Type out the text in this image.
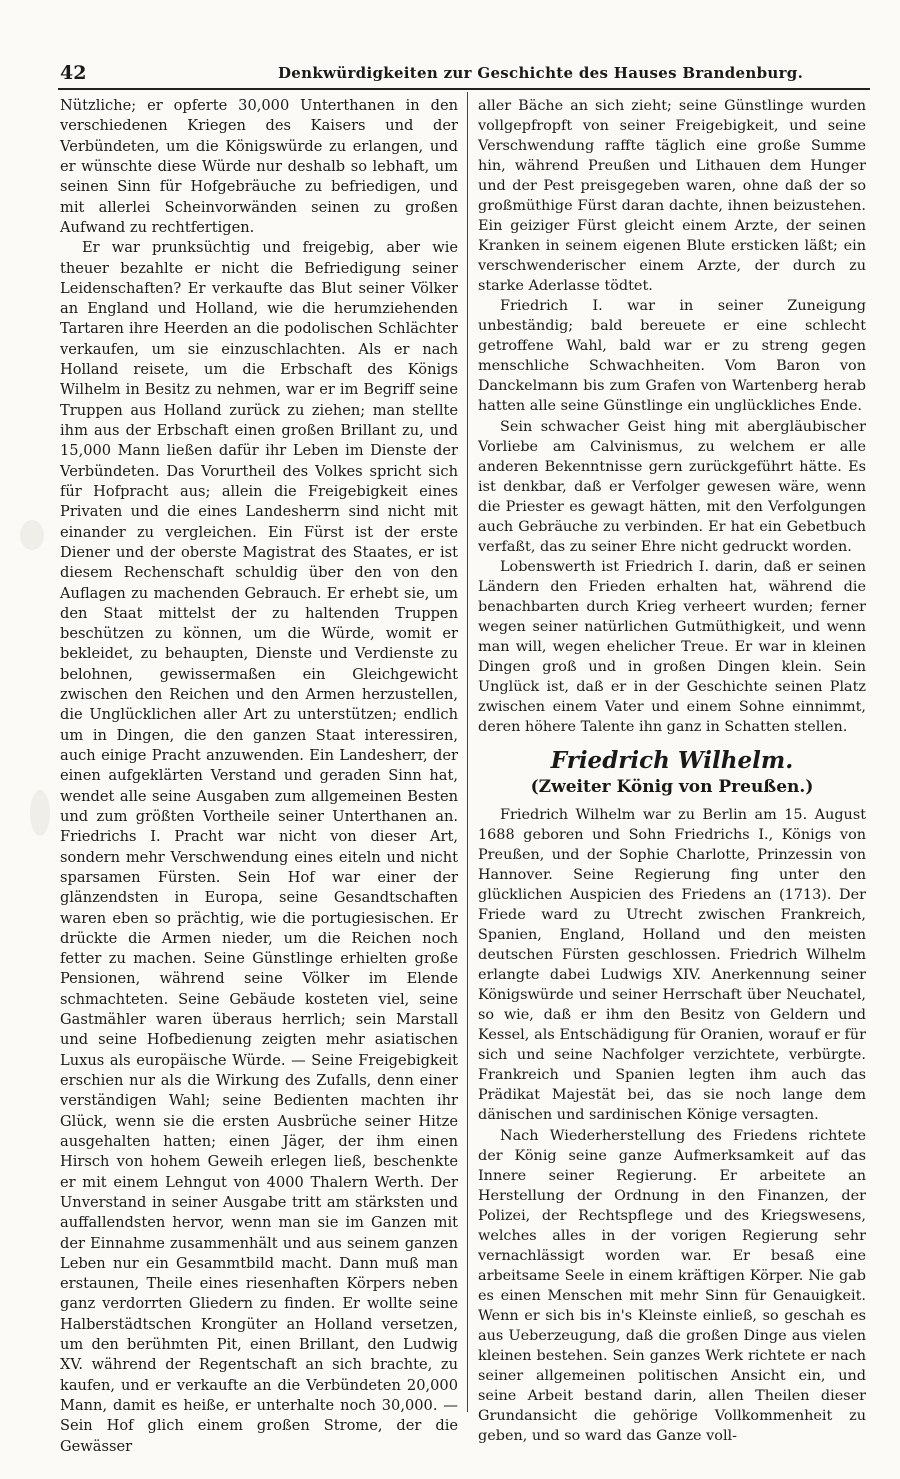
42	Denkwürdigkeiten zur Geschichte des Hauses Brandenburg.

Nützliche; er opferte 30,000 Unterthanen in den verschiedenen Kriegen des Kaisers und der Verbündeten, um die Königswürde zu erlangen, und er wünschte diese Würde nur deshalb so lebhaft, um seinen Sinn für Hofgebräuche zu befriedigen, und mit allerlei Scheinvorwänden seinen zu großen Aufwand zu rechtfertigen.

Er war prunksüchtig und freigebig, aber wie theuer bezahlte er nicht die Befriedigung seiner Leidenschaften? Er verkaufte das Blut seiner Völker an England und Holland, wie die herumziehenden Tartaren ihre Heerden an die podolischen Schlächter verkaufen, um sie einzuschlachten. Als er nach Holland reisete, um die Erbschaft des Königs Wilhelm in Besitz zu nehmen, war er im Begriff seine Truppen aus Holland zurück zu ziehen; man stellte ihm aus der Erbschaft einen großen Brillant zu, und 15,000 Mann ließen dafür ihr Leben im Dienste der Verbündeten. Das Vorurtheil des Volkes spricht sich für Hofpracht aus; allein die Freigebigkeit eines Privaten und die eines Landesherrn sind nicht mit einander zu vergleichen. Ein Fürst ist der erste Diener und der oberste Magistrat des Staates, er ist diesem Rechenschaft schuldig über den von den Auflagen zu machenden Gebrauch. Er erhebt sie, um den Staat mittelst der zu haltenden Truppen beschützen zu können, um die Würde, womit er bekleidet, zu behaupten, Dienste und Verdienste zu belohnen, gewissermaßen ein Gleichgewicht zwischen den Reichen und den Armen herzustellen, die Unglücklichen aller Art zu unterstützen; endlich um in Dingen, die den ganzen Staat interessiren, auch einige Pracht anzuwenden. Ein Landesherr, der einen aufgeklärten Verstand und geraden Sinn hat, wendet alle seine Ausgaben zum allgemeinen Besten und zum größten Vortheile seiner Unterthanen an. Friedrichs I. Pracht war nicht von dieser Art, sondern mehr Verschwendung eines eiteln und nicht sparsamen Fürsten. Sein Hof war einer der glänzendsten in Europa, seine Gesandtschaften waren eben so prächtig, wie die portugiesischen. Er drückte die Armen nieder, um die Reichen noch fetter zu machen. Seine Günstlinge erhielten große Pensionen, während seine Völker im Elende schmachteten. Seine Gebäude kosteten viel, seine Gastmähler waren überaus herrlich; sein Marstall und seine Hofbedienung zeigten mehr asiatischen Luxus als europäische Würde. — Seine Freigebigkeit erschien nur als die Wirkung des Zufalls, denn einer verständigen Wahl; seine Bedienten machten ihr Glück, wenn sie die ersten Ausbrüche seiner Hitze ausgehalten hatten; einen Jäger, der ihm einen Hirsch von hohem Geweih erlegen ließ, beschenkte er mit einem Lehngut von 4000 Thalern Werth. Der Unverstand in seiner Ausgabe tritt am stärksten und auffallendsten hervor, wenn man sie im Ganzen mit der Einnahme zusammenhält und aus seinem ganzen Leben nur ein Gesammtbild macht. Dann muß man erstaunen, Theile eines riesenhaften Körpers neben ganz verdorrten Gliedern zu finden. Er wollte seine Halberstädtschen Krongüter an Holland versetzen, um den berühmten Pit, einen Brillant, den Ludwig XV. während der Regentschaft an sich brachte, zu kaufen, und er verkaufte an die Verbündeten 20,000 Mann, damit es heiße, er unterhalte noch 30,000. — Sein Hof glich einem großen Strome, der die Gewässer

aller Bäche an sich zieht; seine Günstlinge wurden vollgepfropft von seiner Freigebigkeit, und seine Verschwendung raffte täglich eine große Summe hin, während Preußen und Lithauen dem Hunger und der Pest preisgegeben waren, ohne daß der so großmüthige Fürst daran dachte, ihnen beizustehen. Ein geiziger Fürst gleicht einem Arzte, der seinen Kranken in seinem eigenen Blute ersticken läßt; ein verschwenderischer einem Arzte, der durch zu starke Aderlasse tödtet.

Friedrich I. war in seiner Zuneigung unbeständig; bald bereuete er eine schlecht getroffene Wahl, bald war er zu streng gegen menschliche Schwachheiten. Vom Baron von Danckelmann bis zum Grafen von Wartenberg herab hatten alle seine Günstlinge ein unglückliches Ende.

Sein schwacher Geist hing mit abergläubischer Vorliebe am Calvinismus, zu welchem er alle anderen Bekenntnisse gern zurückgeführt hätte. Es ist denkbar, daß er Verfolger gewesen wäre, wenn die Priester es gewagt hätten, mit den Verfolgungen auch Gebräuche zu verbinden. Er hat ein Gebetbuch verfaßt, das zu seiner Ehre nicht gedruckt worden.

Lobenswerth ist Friedrich I. darin, daß er seinen Ländern den Frieden erhalten hat, während die benachbarten durch Krieg verheert wurden; ferner wegen seiner natürlichen Gutmüthigkeit, und wenn man will, wegen ehelicher Treue. Er war in kleinen Dingen groß und in großen Dingen klein. Sein Unglück ist, daß er in der Geschichte seinen Platz zwischen einem Vater und einem Sohne einnimmt, deren höhere Talente ihn ganz in Schatten stellen.

Friedrich Wilhelm.
(Zweiter König von Preußen.)

Friedrich Wilhelm war zu Berlin am 15. August 1688 geboren und Sohn Friedrichs I., Königs von Preußen, und der Sophie Charlotte, Prinzessin von Hannover. Seine Regierung fing unter den glücklichen Auspicien des Friedens an (1713). Der Friede ward zu Utrecht zwischen Frankreich, Spanien, England, Holland und den meisten deutschen Fürsten geschlossen. Friedrich Wilhelm erlangte dabei Ludwigs XIV. Anerkennung seiner Königswürde und seiner Herrschaft über Neuchatel, so wie, daß er ihm den Besitz von Geldern und Kessel, als Entschädigung für Oranien, worauf er für sich und seine Nachfolger verzichtete, verbürgte. Frankreich und Spanien legten ihm auch das Prädikat Majestät bei, das sie noch lange dem dänischen und sardinischen Könige versagten.

Nach Wiederherstellung des Friedens richtete der König seine ganze Aufmerksamkeit auf das Innere seiner Regierung. Er arbeitete an Herstellung der Ordnung in den Finanzen, der Polizei, der Rechtspflege und des Kriegswesens, welches alles in der vorigen Regierung sehr vernachlässigt worden war. Er besaß eine arbeitsame Seele in einem kräftigen Körper. Nie gab es einen Menschen mit mehr Sinn für Genauigkeit. Wenn er sich bis in's Kleinste einließ, so geschah es aus Ueberzeugung, daß die großen Dinge aus vielen kleinen bestehen. Sein ganzes Werk richtete er nach seiner allgemeinen politischen Ansicht ein, und seine Arbeit bestand darin, allen Theilen dieser Grundansicht die gehörige Vollkommenheit zu geben, und so ward das Ganze voll-
